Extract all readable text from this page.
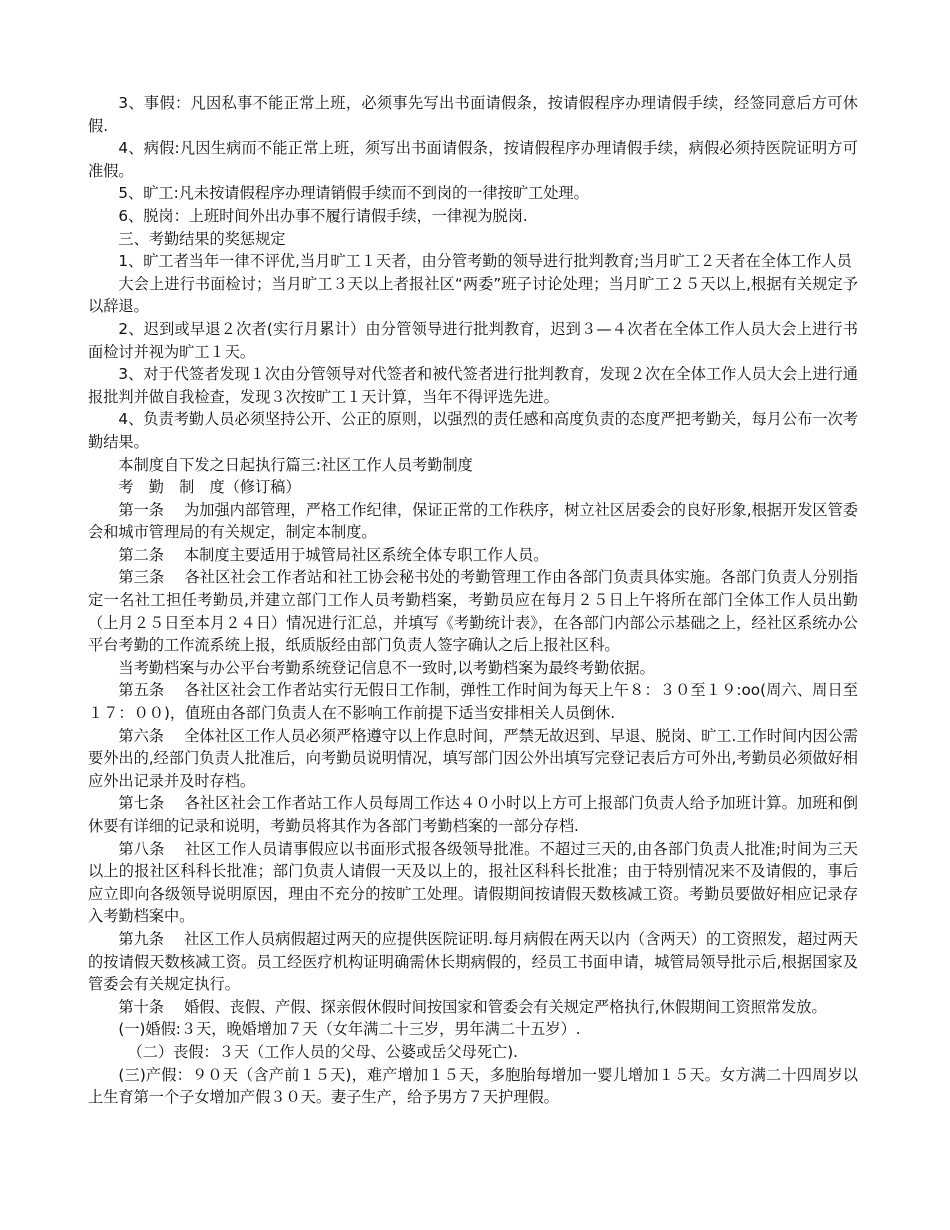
3、事假：凡因私事不能正常上班，必须事先写出书面请假条，按请假程序办理请假手续，经签同意后方可休假.

4、病假:凡因生病而不能正常上班，须写出书面请假条，按请假程序办理请假手续，病假必须持医院证明方可准假。

5、旷工:凡未按请假程序办理请销假手续而不到岗的一律按旷工处理。

6、脱岗：上班时间外出办事不履行请假手续，一律视为脱岗.

三、考勤结果的奖惩规定

1、旷工者当年一律不评优,当月旷工１天者，由分管考勤的领导进行批判教育;当月旷工２天者在全体工作人员

大会上进行书面检讨；当月旷工３天以上者报社区“两委”班子讨论处理；当月旷工２５天以上,根据有关规定予以辞退。

2、迟到或早退２次者(实行月累计）由分管领导进行批判教育，迟到３—４次者在全体工作人员大会上进行书面检讨并视为旷工１天。

3、对于代签者发现１次由分管领导对代签者和被代签者进行批判教育，发现２次在全体工作人员大会上进行通报批判并做自我检查，发现３次按旷工１天计算，当年不得评选先进。

4、负责考勤人员必须坚持公开、公正的原则，以强烈的责任感和高度负责的态度严把考勤关，每月公布一次考勤结果。

本制度自下发之日起执行篇三:社区工作人员考勤制度

考　勤　制　度（修订稿）

第一条　 为加强内部管理，严格工作纪律，保证正常的工作秩序，树立社区居委会的良好形象,根据开发区管委会和城市管理局的有关规定，制定本制度。

第二条　 本制度主要适用于城管局社区系统全体专职工作人员。

第三条　 各社区社会工作者站和社工协会秘书处的考勤管理工作由各部门负责具体实施。各部门负责人分别指定一名社工担任考勤员,并建立部门工作人员考勤档案，考勤员应在每月２５日上午将所在部门全体工作人员出勤（上月２５日至本月２４日）情况进行汇总，并填写《考勤统计表》，在各部门内部公示基础之上，经社区系统办公平台考勤的工作流系统上报，纸质版经由部门负责人签字确认之后上报社区科。

当考勤档案与办公平台考勤系统登记信息不一致时,以考勤档案为最终考勤依据。

第五条　 各社区社会工作者站实行无假日工作制，弹性工作时间为每天上午８：３０至１９:oo(周六、周日至１７：００)，值班由各部门负责人在不影响工作前提下适当安排相关人员倒休.

第六条　 全体社区工作人员必须严格遵守以上作息时间，严禁无故迟到、早退、脱岗、旷工.工作时间内因公需要外出的,经部门负责人批准后，向考勤员说明情况，填写部门因公外出填写完登记表后方可外出,考勤员必须做好相应外出记录并及时存档。

第七条　 各社区社会工作者站工作人员每周工作达４０小时以上方可上报部门负责人给予加班计算。加班和倒休要有详细的记录和说明，考勤员将其作为各部门考勤档案的一部分存档.

第八条　 社区工作人员请事假应以书面形式报各级领导批准。不超过三天的,由各部门负责人批准;时间为三天以上的报社区科科长批准；部门负责人请假一天及以上的，报社区科科长批准；由于特别情况来不及请假的，事后应立即向各级领导说明原因，理由不充分的按旷工处理。请假期间按请假天数核减工资。考勤员要做好相应记录存入考勤档案中。

第九条　 社区工作人员病假超过两天的应提供医院证明.每月病假在两天以内（含两天）的工资照发，超过两天的按请假天数核减工资。员工经医疗机构证明确需休长期病假的，经员工书面申请，城管局领导批示后,根据国家及管委会有关规定执行。

第十条　 婚假、丧假、产假、探亲假休假时间按国家和管委会有关规定严格执行,休假期间工资照常发放。

(一)婚假:３天，晚婚增加７天（女年满二十三岁，男年满二十五岁）.

（二）丧假：３天（工作人员的父母、公婆或岳父母死亡).

(三)产假：９０天（含产前１５天)，难产增加１５天，多胞胎每增加一婴儿增加１５天。女方满二十四周岁以上生育第一个子女增加产假３０天。妻子生产，给予男方７天护理假。
